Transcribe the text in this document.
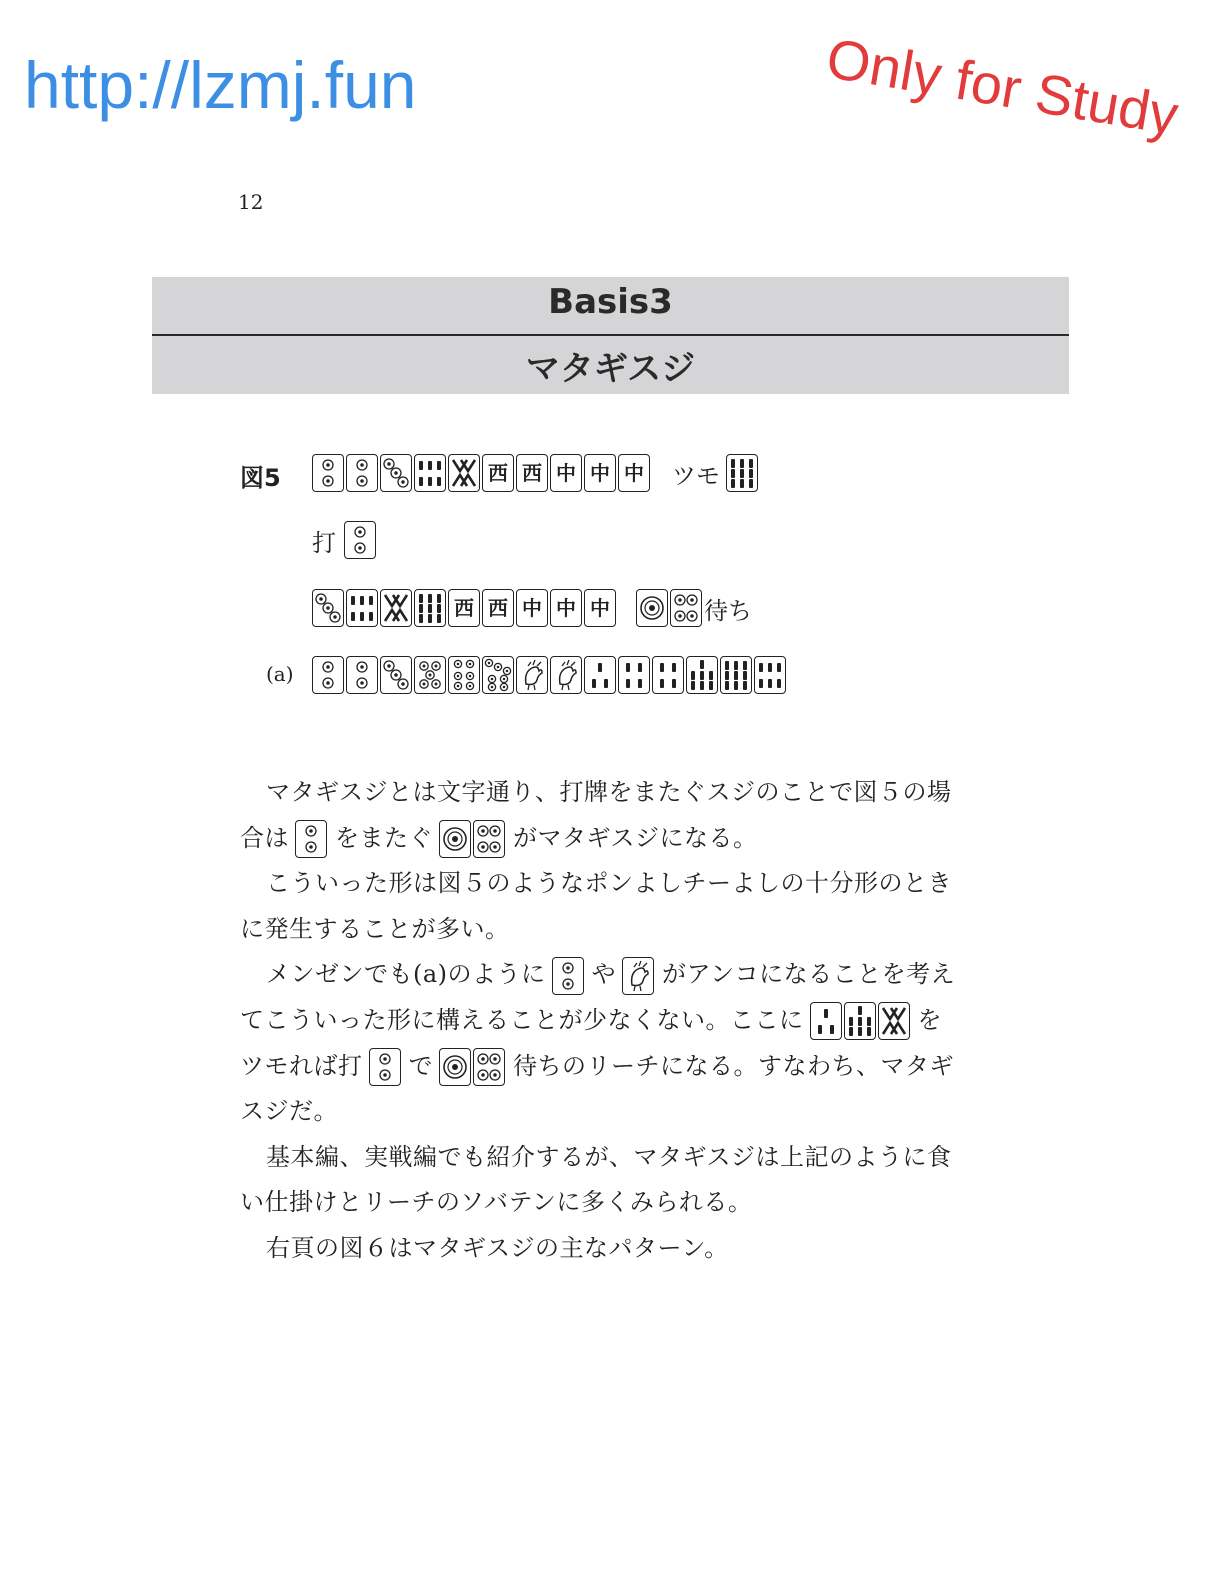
http://lzmj.fun	Only for Study
12
Basis3
マタギスジ
図5	西 西 中 中 中 ツモ
打
西 西 中 中 中	待ち
(a)

マタギスジとは文字通り、打牌をまたぐスジのことで図５の場合は をまたぐ	がマタギスジになる。

こういった形は図５のようなポンよしチーよしの十分形のときに発生することが多い。

メンゼンでも(a)のように や がアンコになることを考えてこういった形に構えることが少なくない。ここに	をツモれば打 で	待ちのリーチになる。すなわち、マタギスジだ。

基本編、実戦編でも紹介するが、マタギスジは上記のように食い仕掛けとリーチのソバテンに多くみられる。

右頁の図６はマタギスジの主なパターン。
